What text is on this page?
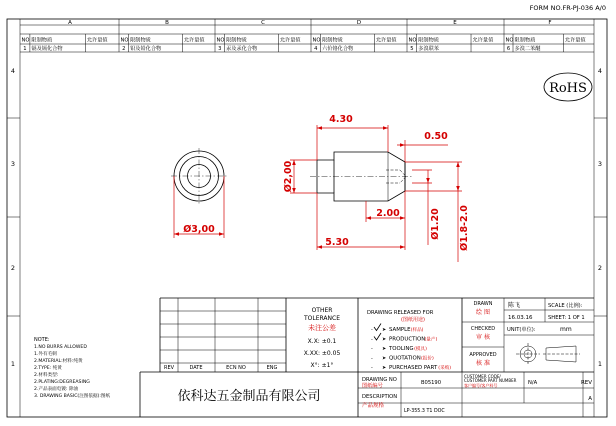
FORM NO.FR-PJ-036 A/0
A	B	C	D	E	F
4
3
2
1
4
3
2
1
NO 限制物质	允许量值
1 镉及镉化合物
NO 限制物质	允许量值
2 铅及铅化合物
NO 限制物质	允许量值
3 汞及汞化合物
NO 限制物质	允许量值
4 六价铬化合物
NO 限制物质	允许量值
5 多溴联苯
NO 限制物质	允许量值
6 多溴二苯醚
RoHS
Ø3,00
4.30
0.50
Ø2,00
2.00
5.30
Ø1.20 Ø1.8-2.0
NOTE:
1.NO BURRS ALLOWED
1.外有毛刺
2.MATERIAL:材料:纯黄
2.TYPE: 纯黄
2.材料类型:
2.PLATING:DEGREASING
2.产品表面电镀: 除油
3. DRAWING BASIC(注图依据):图纸
REV	DATE	ECN NO	ENG
OTHER
TOLERANCE
未注公差
X.X: ±0.1
X.XX: ±0.05
X°: ±1°
DRAWING RELEASED FOR
(图纸用途)
- ➤ SAMPLE (样品)
- ➤ PRODUCTION (量产)
- ➤ TOOLING (模具)
- ➤ QUOTATION (报价)
- ➤ PURCHASED PART (采购)
DRAWN
绘 图
陈飞
16.03.16
CHECKED
审 核
APPROVED
核 准
SCALE (比例):
SHEET: 1 OF 1
UNIT(单位):	mm
依科达五金制品有限公司
DRAWING NO
图纸编号	B05190
CUSTOMER CODE/
CUSTOMER PART NUMBER
客户编号/客户料号	N/A
DESCRIPTION
产品规格
LP-355.3 T1 DOC
REV
A
